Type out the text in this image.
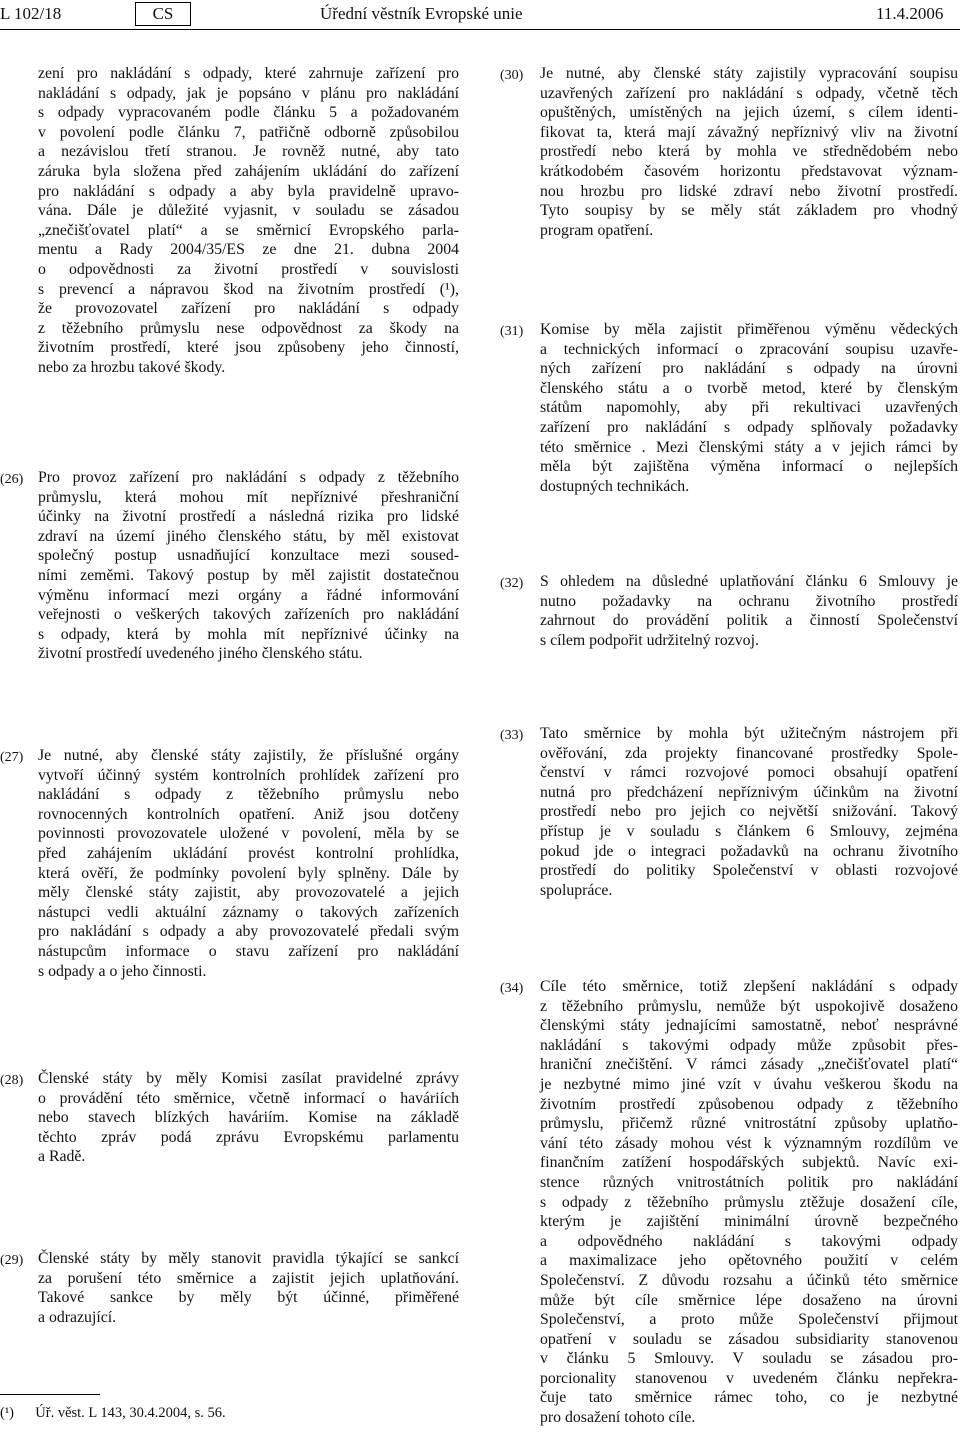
L 102/18	CS	Úřední věstník Evropské unie	11.4.2006
zení pro nakládání s odpady, které zahrnuje zařízení pro
nakládání s odpady, jak je popsáno v plánu pro nakládání
s odpady vypracovaném podle článku 5 a požadovaném
v povolení podle článku 7, patřičně odborně způsobilou
a nezávislou třetí stranou. Je rovněž nutné, aby tato
záruka byla složena před zahájením ukládání do zařízení
pro nakládání s odpady a aby byla pravidelně upravo-
vána. Dále je důležité vyjasnit, v souladu se zásadou
„znečišťovatel platí“ a se směrnicí Evropského parla-
mentu a Rady 2004/35/ES ze dne 21. dubna 2004
o odpovědnosti za životní prostředí v souvislosti
s prevencí a nápravou škod na životním prostředí (¹),
že provozovatel zařízení pro nakládání s odpady
z těžebního průmyslu nese odpovědnost za škody na
životním prostředí, které jsou způsobeny jeho činností,
nebo za hrozbu takové škody.
(26) Pro provoz zařízení pro nakládání s odpady z těžebního
průmyslu, která mohou mít nepříznivé přeshraniční
účinky na životní prostředí a následná rizika pro lidské
zdraví na území jiného členského státu, by měl existovat
společný postup usnadňující konzultace mezi soused-
ními zeměmi. Takový postup by měl zajistit dostatečnou
výměnu informací mezi orgány a řádné informování
veřejnosti o veškerých takových zařízeních pro nakládání
s odpady, která by mohla mít nepříznivé účinky na
životní prostředí uvedeného jiného členského státu.
(27) Je nutné, aby členské státy zajistily, že příslušné orgány
vytvoří účinný systém kontrolních prohlídek zařízení pro
nakládání s odpady z těžebního průmyslu nebo
rovnocenných kontrolních opatření. Aniž jsou dotčeny
povinnosti provozovatele uložené v povolení, měla by se
před zahájením ukládání provést kontrolní prohlídka,
která ověří, že podmínky povolení byly splněny. Dále by
měly členské státy zajistit, aby provozovatelé a jejich
nástupci vedli aktuální záznamy o takových zařízeních
pro nakládání s odpady a aby provozovatelé předali svým
nástupcům informace o stavu zařízení pro nakládání
s odpady a o jeho činnosti.
(28) Členské státy by měly Komisi zasílat pravidelné zprávy
o provádění této směrnice, včetně informací o haváriích
nebo stavech blízkých haváriím. Komise na základě
těchto zpráv podá zprávu Evropskému parlamentu
a Radě.
(29) Členské státy by měly stanovit pravidla týkající se sankcí
za porušení této směrnice a zajistit jejich uplatňování.
Takové sankce by měly být účinné, přiměřené
a odrazující.
(30) Je nutné, aby členské státy zajistily vypracování soupisu
uzavřených zařízení pro nakládání s odpady, včetně těch
opuštěných, umístěných na jejich území, s cílem identi-
fikovat ta, která mají závažný nepříznivý vliv na životní
prostředí nebo která by mohla ve střednědobém nebo
krátkodobém časovém horizontu představovat význam-
nou hrozbu pro lidské zdraví nebo životní prostředí.
Tyto soupisy by se měly stát základem pro vhodný
program opatření.
(31) Komise by měla zajistit přiměřenou výměnu vědeckých
a technických informací o zpracování soupisu uzavře-
ných zařízení pro nakládání s odpady na úrovni
členského státu a o tvorbě metod, které by členským
státům napomohly, aby při rekultivaci uzavřených
zařízení pro nakládání s odpady splňovaly požadavky
této směrnice . Mezi členskými státy a v jejich rámci by
měla být zajištěna výměna informací o nejlepších
dostupných technikách.
(32) S ohledem na důsledné uplatňování článku 6 Smlouvy je
nutno požadavky na ochranu životního prostředí
zahrnout do provádění politik a činností Společenství
s cílem podpořit udržitelný rozvoj.
(33) Tato směrnice by mohla být užitečným nástrojem při
ověřování, zda projekty financované prostředky Spole-
čenství v rámci rozvojové pomoci obsahují opatření
nutná pro předcházení nepříznivým účinkům na životní
prostředí nebo pro jejich co největší snižování. Takový
přístup je v souladu s článkem 6 Smlouvy, zejména
pokud jde o integraci požadavků na ochranu životního
prostředí do politiky Společenství v oblasti rozvojové
spolupráce.
(34) Cíle této směrnice, totiž zlepšení nakládání s odpady
z těžebního průmyslu, nemůže být uspokojivě dosaženo
členskými státy jednajícími samostatně, neboť nesprávné
nakládání s takovými odpady může způsobit přes-
hraniční znečištění. V rámci zásady „znečišťovatel platí“
je nezbytné mimo jiné vzít v úvahu veškerou škodu na
životním prostředí způsobenou odpady z těžebního
průmyslu, přičemž různé vnitrostátní způsoby uplatňo-
vání této zásady mohou vést k významným rozdílům ve
finančním zatížení hospodářských subjektů. Navíc exi-
stence různých vnitrostátních politik pro nakládání
s odpady z těžebního průmyslu ztěžuje dosažení cíle,
kterým je zajištění minimální úrovně bezpečného
a odpovědného nakládání s takovými odpady
a maximalizace jeho opětovného použití v celém
Společenství. Z důvodu rozsahu a účinků této směrnice
může být cíle směrnice lépe dosaženo na úrovni
Společenství, a proto může Společenství přijmout
opatření v souladu se zásadou subsidiarity stanovenou
v článku 5 Smlouvy. V souladu se zásadou pro-
porcionality stanovenou v uvedeném článku nepřekra-
čuje tato směrnice rámec toho, co je nezbytné
pro dosažení tohoto cíle.
(¹) Úř. věst. L 143, 30.4.2004, s. 56.
